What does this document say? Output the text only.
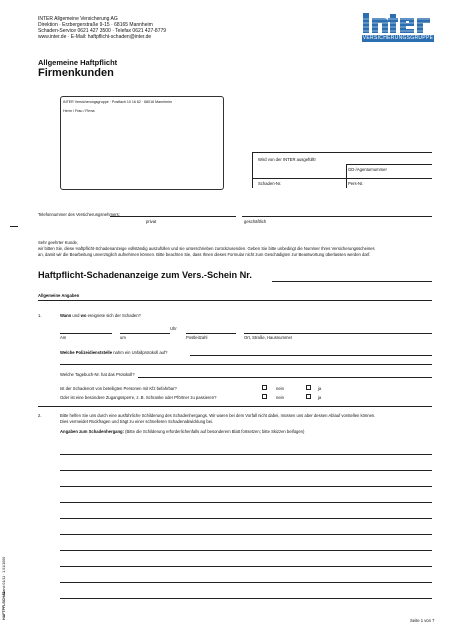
INTER Allgemeine Versicherung AG
Direktion · Erzbergerstraße 9-15 · 68165 Mannheim
Schaden-Service 0621 427 3500 · Telefax 0621 427-8779
www.inter.de · E-Mail: haftpflicht-schaden@inter.de	VERSICHERUNGSGRUPPE
Allgemeine Haftpflicht
Firmenkunden
INTER Versicherungsgruppe · Postfach 10 16 62 · 68016 Mannheim
Herrn / Frau / Firma
Wird von der INTER ausgefüllt!
GD-/Agenturnummer
Schaden-Nr.	Pers-Nr.
Telefonnummer des Versicherungsnehmers:
privat	geschäftlich
Sehr geehrter Kunde,
wir bitten Sie, diese Haftpflicht-Schadenanzeige vollständig auszufüllen und sie unterschrieben zurückzusenden. Geben Sie bitte unbedingt die Nummer Ihres Versicherungsscheines
an, damit wir die Bearbeitung unverzüglich aufnehmen können. Bitte beachten Sie, dass Ihnen dieses Formular nicht zum Geschädigten zur Beantwortung überlassen werden darf.
Haftpflicht-Schadenanzeige zum Vers.-Schein Nr.
Allgemeine Angaben
1.	Wann und wo ereignete sich der Schaden?
Uhr
Am	um	Postleitzahl	Ort, Straße, Hausnummer
Welche Polizeidienststelle nahm ein Unfallprotokoll auf?
Welche Tagebuch-Nr. hat das Protokoll?
Ist der Schadenort von beteiligten Personen mit Kfz befahrbar?	nein	ja
Oder ist eine besondere Zugangssperre, z. B. Schranke oder Pförtner zu passieren?	nein	ja
2.	Bitte helfen Sie uns durch eine ausführliche Schilderung des Schadenhergangs. Wir waren bei dem Vorfall nicht dabei, müssen uns aber dessen Ablauf vorstellen können.
Dies vermeidet Rückfragen und trägt zu einer schnelleren Schadenabwicklung bei.
Angaben zum Schadenhergang: (Bitte die Schilderung erforderlichenfalls auf besonderem Blatt fortsetzen; bitte Skizzen beifügen)
HAFTPFLSCHA2
Stand 01/11 · 1.01/1000
Seite 1 von 7
